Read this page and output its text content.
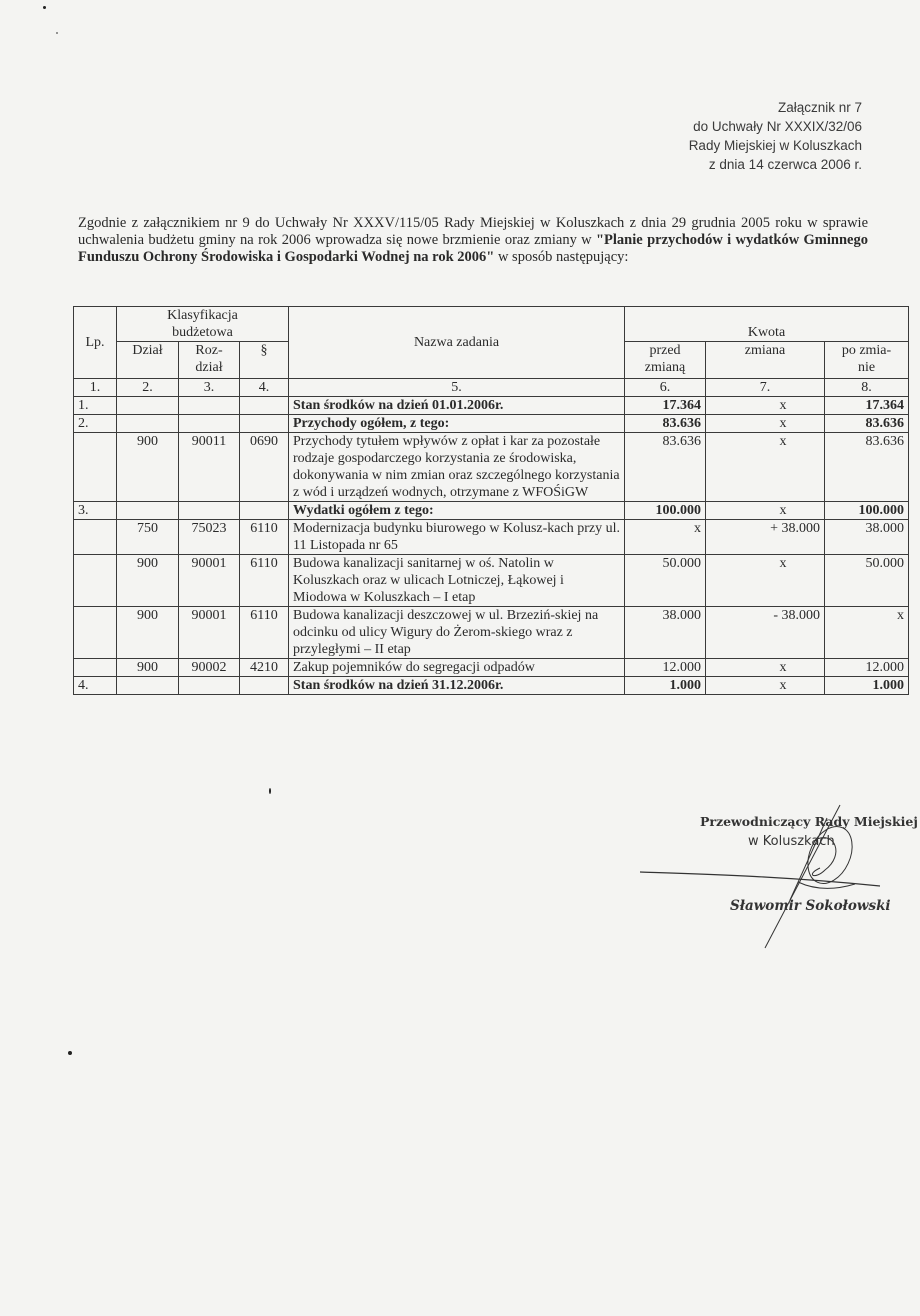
Załącznik nr 7
do Uchwały Nr XXXIX/32/06
Rady Miejskiej w Koluszkach
z dnia 14 czerwca 2006 r.
Zgodnie z załącznikiem nr 9 do Uchwały Nr XXXV/115/05 Rady Miejskiej w Koluszkach z dnia 29 grudnia 2005 roku w sprawie uchwalenia budżetu gminy na rok 2006 wprowadza się nowe brzmienie oraz zmiany w "Planie przychodów i wydatków Gminnego Funduszu Ochrony Środowiska i Gospodarki Wodnej na rok 2006" w sposób następujący:
Lp.	Klasyfikacja budżetowa			Nazwa zadania	Kwota		
	Dział	Roz- dział	§		przed zmianą	zmiana	po zmia- nie
1.	2.	3.	4.	5.	6.	7.	8.
1.				Stan środków na dzień 01.01.2006r.	17.364	x	17.364
2.				Przychody ogółem, z tego:	83.636	x	83.636
	900	90011	0690	Przychody tytułem wpływów z opłat i kar za pozostałe rodzaje gospodarczego korzystania ze środowiska, dokonywania w nim zmian oraz szczególnego korzystania z wód i urządzeń wodnych, otrzymane z WFOŚiGW	83.636	x	83.636
3.				Wydatki ogółem z tego:	100.000	x	100.000
	750	75023	6110	Modernizacja budynku biurowego w Kolusz-kach przy ul. 11 Listopada nr 65	x	+ 38.000	38.000
	900	90001	6110	Budowa kanalizacji sanitarnej w oś. Natolin w Koluszkach oraz w ulicach Lotniczej, Łąkowej i Miodowa w Koluszkach – I etap	50.000	x	50.000
	900	90001	6110	Budowa kanalizacji deszczowej w ul. Brzeziń-skiej na odcinku od ulicy Wigury do Żerom-skiego wraz z przyległymi – II etap	38.000	- 38.000	x
	900	90002	4210	Zakup pojemników do segregacji odpadów	12.000	x	12.000
4.				Stan środków na dzień 31.12.2006r.	1.000	x	1.000
Przewodniczący Rady Miejskiej
w Koluszkach
Sławomir Sokołowski
